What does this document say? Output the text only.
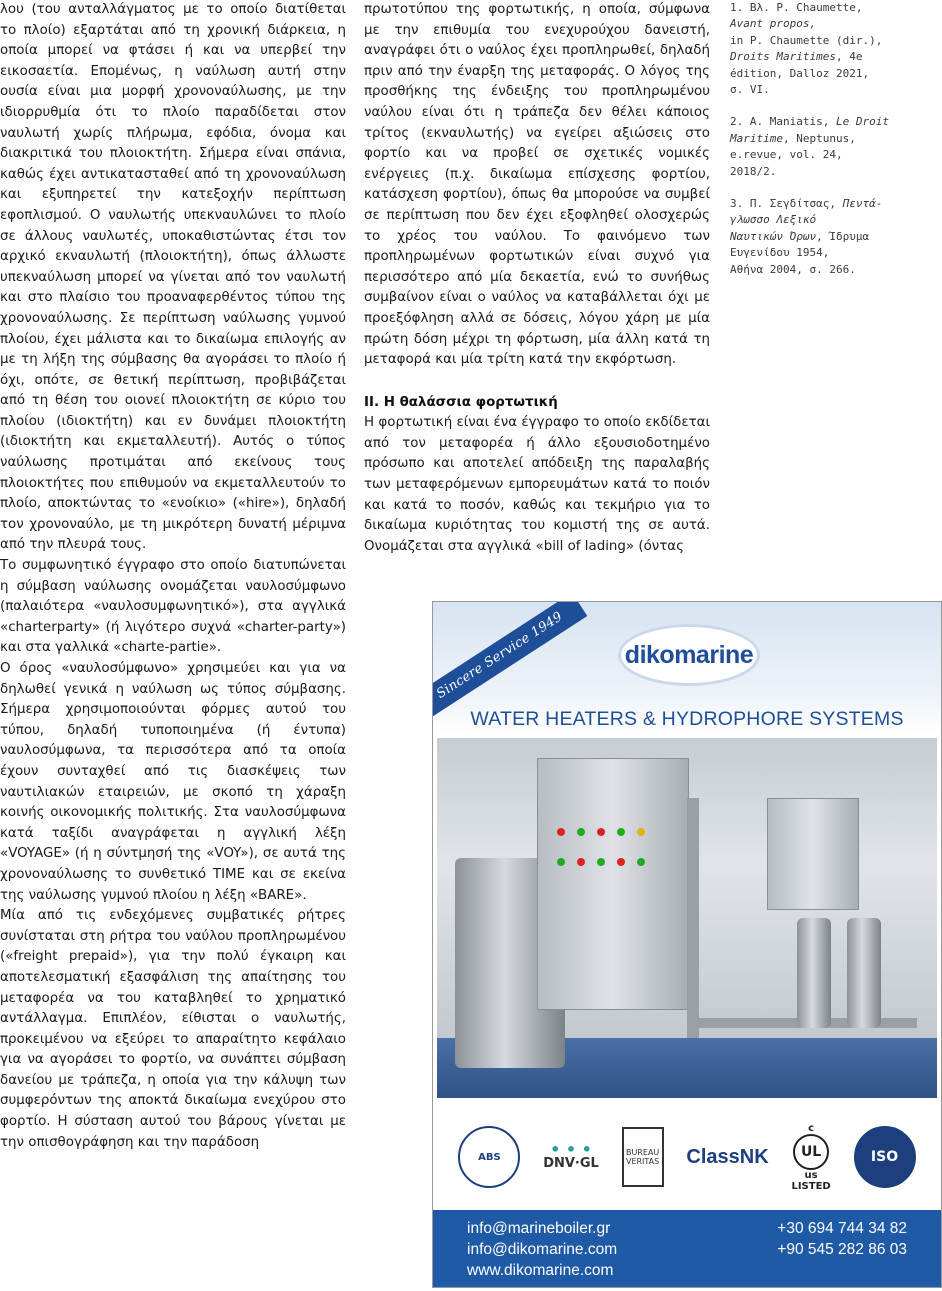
λου (του ανταλλάγματος με το οποίο διατίθεται το πλοίο) εξαρτάται από τη χρονική διάρκεια, η οποία μπορεί να φτάσει ή και να υπερβεί την εικοσαετία. Επομένως, η ναύλωση αυτή στην ουσία είναι μια μορφή χρονοναύλωσης, με την ιδιορρυθμία ότι το πλοίο παραδίδεται στον ναυλωτή χωρίς πλήρωμα, εφόδια, όνομα και διακριτικά του πλοιοκτήτη. Σήμερα είναι σπάνια, καθώς έχει αντικατασταθεί από τη χρονοναύλωση και εξυπηρετεί την κατεξοχήν περίπτωση εφοπλισμού. Ο ναυλωτής υπεκναυλώνει το πλοίο σε άλλους ναυλωτές, υποκαθιστώντας έτσι τον αρχικό εκναυλωτή (πλοιοκτήτη), όπως άλλωστε υπεκναύλωση μπορεί να γίνεται από τον ναυλωτή και στο πλαίσιο του προαναφερθέντος τύπου της χρονοναύλωσης. Σε περίπτωση ναύλωσης γυμνού πλοίου, έχει μάλιστα και το δικαίωμα επιλογής αν με τη λήξη της σύμβασης θα αγοράσει το πλοίο ή όχι, οπότε, σε θετική περίπτωση, προβιβάζεται από τη θέση του οιονεί πλοιοκτήτη σε κύριο του πλοίου (ιδιοκτήτη) και εν δυνάμει πλοιοκτήτη (ιδιοκτήτη και εκμεταλλευτή). Αυτός ο τύπος ναύλωσης προτιμάται από εκείνους τους πλοιοκτήτες που επιθυμούν να εκμεταλλευτούν το πλοίο, αποκτώντας το «ενοίκιο» («hire»), δηλαδή τον χρονοναύλο, με τη μικρότερη δυνατή μέριμνα από την πλευρά τους.

Το συμφωνητικό έγγραφο στο οποίο διατυπώνεται η σύμβαση ναύλωσης ονομάζεται ναυλοσύμφωνο (παλαιότερα «ναυλοσυμφωνητικό»), στα αγγλικά «charterparty» (ή λιγότερο συχνά «charter-party») και στα γαλλικά «charte-partie».

Ο όρος «ναυλοσύμφωνο» χρησιμεύει και για να δηλωθεί γενικά η ναύλωση ως τύπος σύμβασης. Σήμερα χρησιμοποιούνται φόρμες αυτού του τύπου, δηλαδή τυποποιημένα (ή έντυπα) ναυλοσύμφωνα, τα περισσότερα από τα οποία έχουν συνταχθεί από τις διασκέψεις των ναυτιλιακών εταιρειών, με σκοπό τη χάραξη κοινής οικονομικής πολιτικής. Στα ναυλοσύμφωνα κατά ταξίδι αναγράφεται η αγγλική λέξη «VOYAGE» (ή η σύντμησή της «VOY»), σε αυτά της χρονοναύλωσης το συνθετικό TIME και σε εκείνα της ναύλωσης γυμνού πλοίου η λέξη «BARE».

Μία από τις ενδεχόμενες συμβατικές ρήτρες συνίσταται στη ρήτρα του ναύλου προπληρωμένου («freight prepaid»), για την πολύ έγκαιρη και αποτελεσματική εξασφάλιση της απαίτησης του μεταφορέα να του καταβληθεί το χρηματικό αντάλλαγμα. Επιπλέον, είθισται ο ναυλωτής, προκειμένου να εξεύρει το απαραίτητο κεφάλαιο για να αγοράσει το φορτίο, να συνάπτει σύμβαση δανείου με τράπεζα, η οποία για την κάλυψη των συμφερόντων της αποκτά δικαίωμα ενεχύρου στο φορτίο. Η σύσταση αυτού του βάρους γίνεται με την οπισθογράφηση και την παράδοση

πρωτοτύπου της φορτωτικής, η οποία, σύμφωνα με την επιθυμία του ενεχυρούχου δανειστή, αναγράφει ότι ο ναύλος έχει προπληρωθεί, δηλαδή πριν από την έναρξη της μεταφοράς. Ο λόγος της προσθήκης της ένδειξης του προπληρωμένου ναύλου είναι ότι η τράπεζα δεν θέλει κάποιος τρίτος (εκναυλωτής) να εγείρει αξιώσεις στο φορτίο και να προβεί σε σχετικές νομικές ενέργειες (π.χ. δικαίωμα επίσχεσης φορτίου, κατάσχεση φορτίου), όπως θα μπορούσε να συμβεί σε περίπτωση που δεν έχει εξοφληθεί ολοσχερώς το χρέος του ναύλου. Το φαινόμενο των προπληρωμένων φορτωτικών είναι συχνό για περισσότερο από μία δεκαετία, ενώ το συνήθως συμβαίνον είναι ο ναύλος να καταβάλλεται όχι με προεξόφληση αλλά σε δόσεις, λόγου χάρη με μία πρώτη δόση μέχρι τη φόρτωση, μία άλλη κατά τη μεταφορά και μία τρίτη κατά την εκφόρτωση.

ΙΙ. Η θαλάσσια φορτωτική

Η φορτωτική είναι ένα έγγραφο το οποίο εκδίδεται από τον μεταφορέα ή άλλο εξουσιοδοτημένο πρόσωπο και αποτελεί απόδειξη της παραλαβής των μεταφερόμενων εμπορευμάτων κατά το ποιόν και κατά το ποσόν, καθώς και τεκμήριο για το δικαίωμα κυριότητας του κομιστή της σε αυτά. Ονομάζεται στα αγγλικά «bill of lading» (όντας

1. Βλ. P. Chaumette,
Avant propos,
in P. Chaumette (dir.),
Droits Maritimes, 4e
édition, Dalloz 2021,
σ. VI.
2. A. Maniatis, Le Droit
Maritime, Neptunus,
e.revue, vol. 24,
2018/2.
3. Π. Σεγδίτσας, Πεντά-
γλωσσο Λεξικό
Ναυτικών Όρων, Ίδρυμα
Ευγενίδου 1954,
Αθήνα 2004, σ. 266.
Sincere Service 1949	dikomarine
WATER HEATERS & HYDROPHORE SYSTEMS
ABS	• • •
DNV·GL
BUREAU VERITAS ClassNK
c
UL
us
LISTED
ISO
info@marineboiler.gr
info@dikomarine.com
www.dikomarine.com
+30 694 744 34 82
+90 545 282 86 03
